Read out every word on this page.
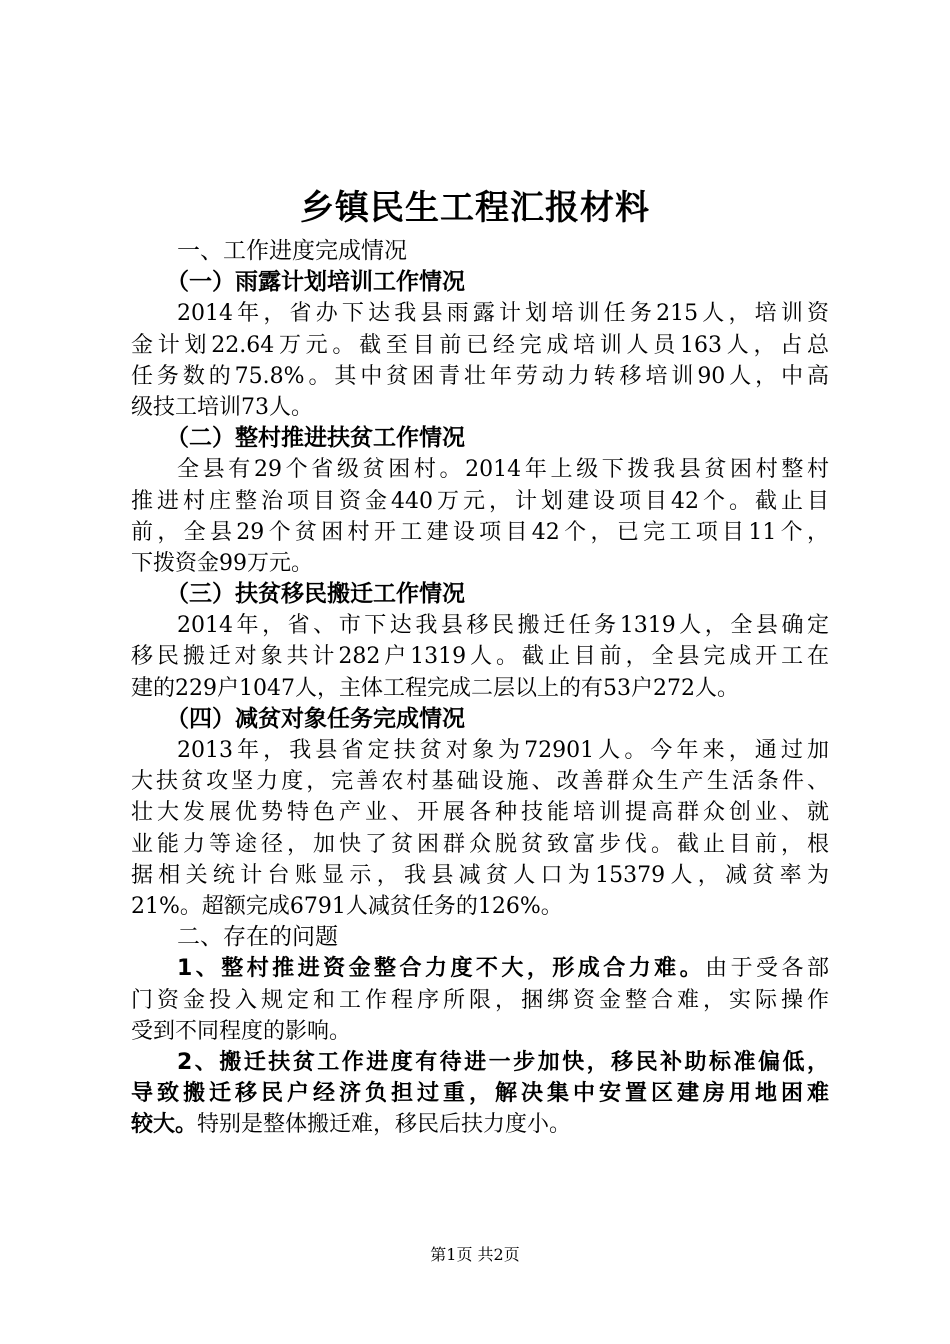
乡镇民生工程汇报材料
一、工作进度完成情况
（一）雨露计划培训工作情况
2014年，省办下达我县雨露计划培训任务215人，培训资
金计划22.64万元。截至目前已经完成培训人员163人，占总
任务数的75.8%。其中贫困青壮年劳动力转移培训90人，中高
级技工培训73人。
（二）整村推进扶贫工作情况
全县有29个省级贫困村。2014年上级下拨我县贫困村整村
推进村庄整治项目资金440万元，计划建设项目42个。截止目
前，全县29个贫困村开工建设项目42个，已完工项目11个，
下拨资金99万元。
（三）扶贫移民搬迁工作情况
2014年，省、市下达我县移民搬迁任务1319人，全县确定
移民搬迁对象共计282户1319人。截止目前，全县完成开工在
建的229户1047人，主体工程完成二层以上的有53户272人。
（四）减贫对象任务完成情况
2013年，我县省定扶贫对象为72901人。今年来，通过加
大扶贫攻坚力度，完善农村基础设施、改善群众生产生活条件、
壮大发展优势特色产业、开展各种技能培训提高群众创业、就
业能力等途径，加快了贫困群众脱贫致富步伐。截止目前，根
据相关统计台账显示，我县减贫人口为15379人，减贫率为
21%。超额完成6791人减贫任务的126%。
二、存在的问题
1、整村推进资金整合力度不大，形成合力难。由于受各部
门资金投入规定和工作程序所限，捆绑资金整合难，实际操作
受到不同程度的影响。
2、搬迁扶贫工作进度有待进一步加快，移民补助标准偏低，
导致搬迁移民户经济负担过重，解决集中安置区建房用地困难
较大。特别是整体搬迁难，移民后扶力度小。
第1页 共2页
